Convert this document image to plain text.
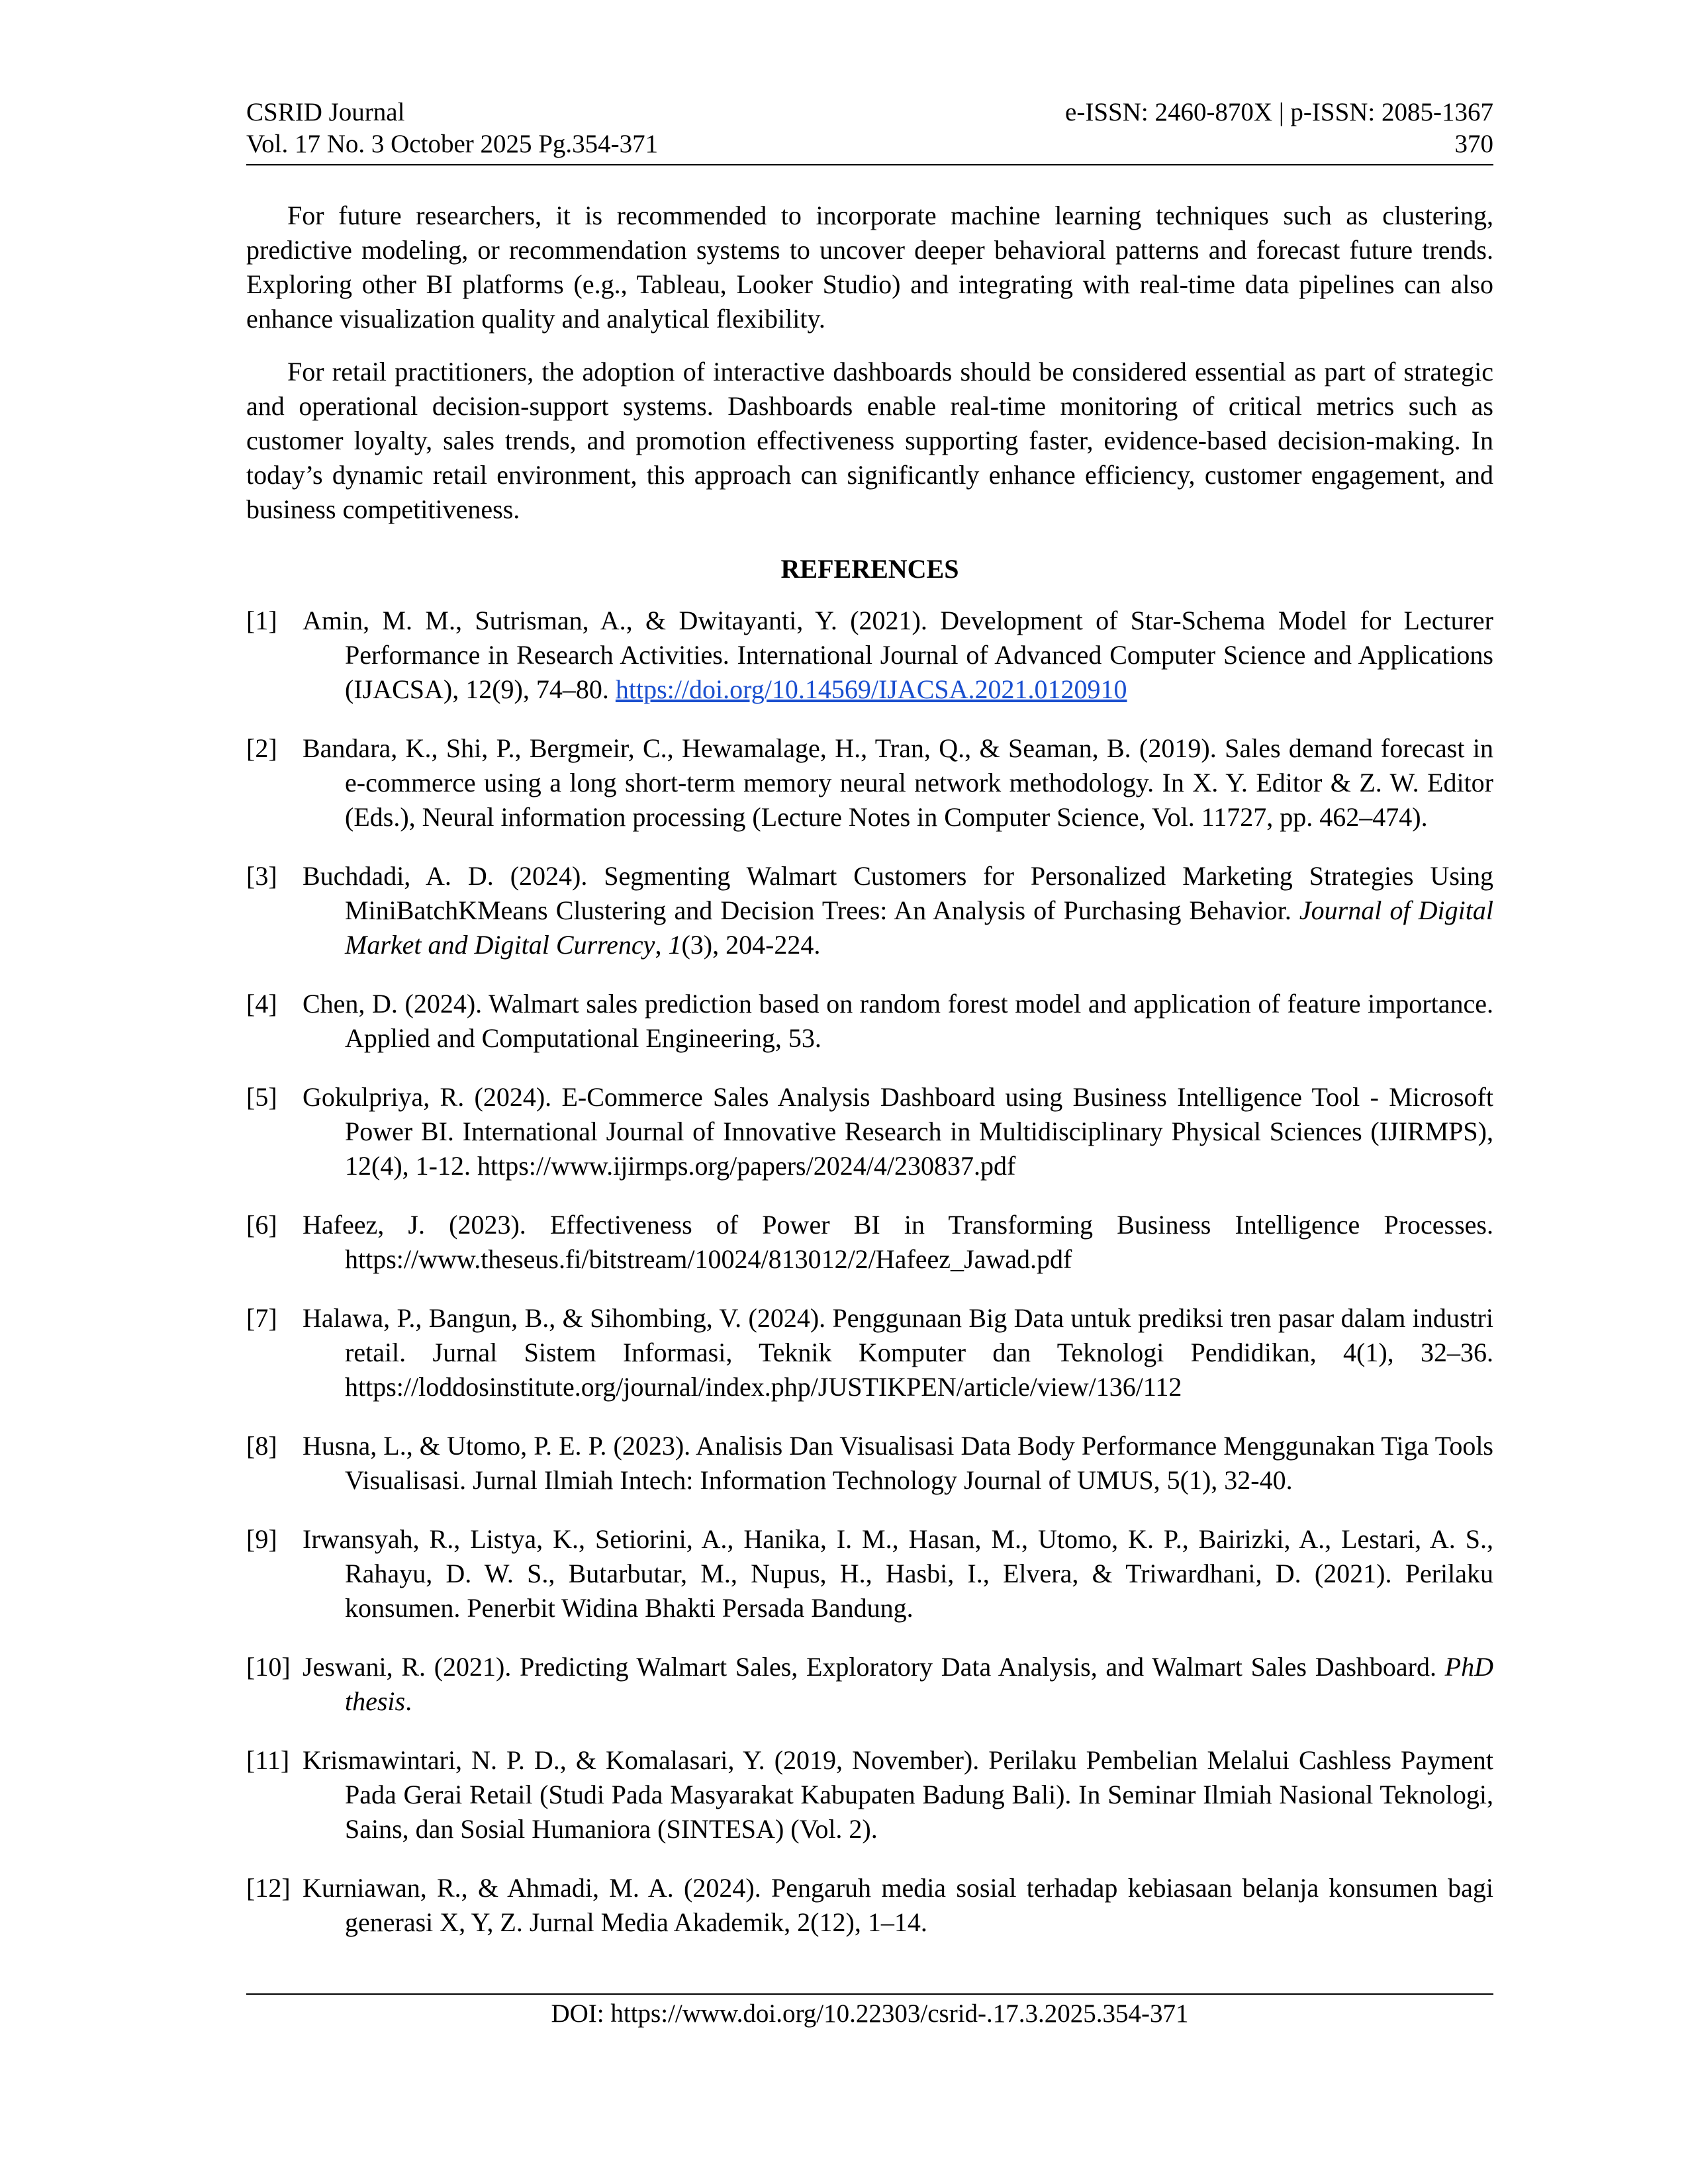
CSRID Journal	e-ISSN: 2460-870X | p-ISSN: 2085-1367
Vol. 17 No. 3 October 2025 Pg.354-371	370

For future researchers, it is recommended to incorporate machine learning techniques such as clustering, predictive modeling, or recommendation systems to uncover deeper behavioral patterns and forecast future trends. Exploring other BI platforms (e.g., Tableau, Looker Studio) and integrating with real-time data pipelines can also enhance visualization quality and analytical flexibility.

For retail practitioners, the adoption of interactive dashboards should be considered essential as part of strategic and operational decision-support systems. Dashboards enable real-time monitoring of critical metrics such as customer loyalty, sales trends, and promotion effectiveness supporting faster, evidence-based decision-making. In today’s dynamic retail environment, this approach can significantly enhance efficiency, customer engagement, and business competitiveness.

REFERENCES
[1] Amin, M. M., Sutrisman, A., & Dwitayanti, Y. (2021). Development of Star-Schema Model for Lecturer Performance in Research Activities. International Journal of Advanced Computer Science and Applications (IJACSA), 12(9), 74–80. https://doi.org/10.14569/IJACSA.2021.0120910
[2] Bandara, K., Shi, P., Bergmeir, C., Hewamalage, H., Tran, Q., & Seaman, B. (2019). Sales demand forecast in e-commerce using a long short-term memory neural network methodology. In X. Y. Editor & Z. W. Editor (Eds.), Neural information processing (Lecture Notes in Computer Science, Vol. 11727, pp. 462–474).
[3] Buchdadi, A. D. (2024). Segmenting Walmart Customers for Personalized Marketing Strategies Using MiniBatchKMeans Clustering and Decision Trees: An Analysis of Purchasing Behavior. Journal of Digital Market and Digital Currency, 1(3), 204-224.
[4] Chen, D. (2024). Walmart sales prediction based on random forest model and application of feature importance. Applied and Computational Engineering, 53.
[5] Gokulpriya, R. (2024). E-Commerce Sales Analysis Dashboard using Business Intelligence Tool - Microsoft Power BI. International Journal of Innovative Research in Multidisciplinary Physical Sciences (IJIRMPS), 12(4), 1-12. https://www.ijirmps.org/papers/2024/4/230837.pdf
[6] Hafeez, J. (2023). Effectiveness of Power BI in Transforming Business Intelligence Processes. https://www.theseus.fi/bitstream/10024/813012/2/Hafeez_Jawad.pdf
[7] Halawa, P., Bangun, B., & Sihombing, V. (2024). Penggunaan Big Data untuk prediksi tren pasar dalam industri retail. Jurnal Sistem Informasi, Teknik Komputer dan Teknologi Pendidikan, 4(1), 32–36. https://loddosinstitute.org/journal/index.php/JUSTIKPEN/article/view/136/112
[8] Husna, L., & Utomo, P. E. P. (2023). Analisis Dan Visualisasi Data Body Performance Menggunakan Tiga Tools Visualisasi. Jurnal Ilmiah Intech: Information Technology Journal of UMUS, 5(1), 32-40.
[9] Irwansyah, R., Listya, K., Setiorini, A., Hanika, I. M., Hasan, M., Utomo, K. P., Bairizki, A., Lestari, A. S., Rahayu, D. W. S., Butarbutar, M., Nupus, H., Hasbi, I., Elvera, & Triwardhani, D. (2021). Perilaku konsumen. Penerbit Widina Bhakti Persada Bandung.
[10] Jeswani, R. (2021). Predicting Walmart Sales, Exploratory Data Analysis, and Walmart Sales Dashboard. PhD thesis.
[11] Krismawintari, N. P. D., & Komalasari, Y. (2019, November). Perilaku Pembelian Melalui Cashless Payment Pada Gerai Retail (Studi Pada Masyarakat Kabupaten Badung Bali). In Seminar Ilmiah Nasional Teknologi, Sains, dan Sosial Humaniora (SINTESA) (Vol. 2).
[12] Kurniawan, R., & Ahmadi, M. A. (2024). Pengaruh media sosial terhadap kebiasaan belanja konsumen bagi generasi X, Y, Z. Jurnal Media Akademik, 2(12), 1–14.
DOI: https://www.doi.org/10.22303/csrid-.17.3.2025.354-371
